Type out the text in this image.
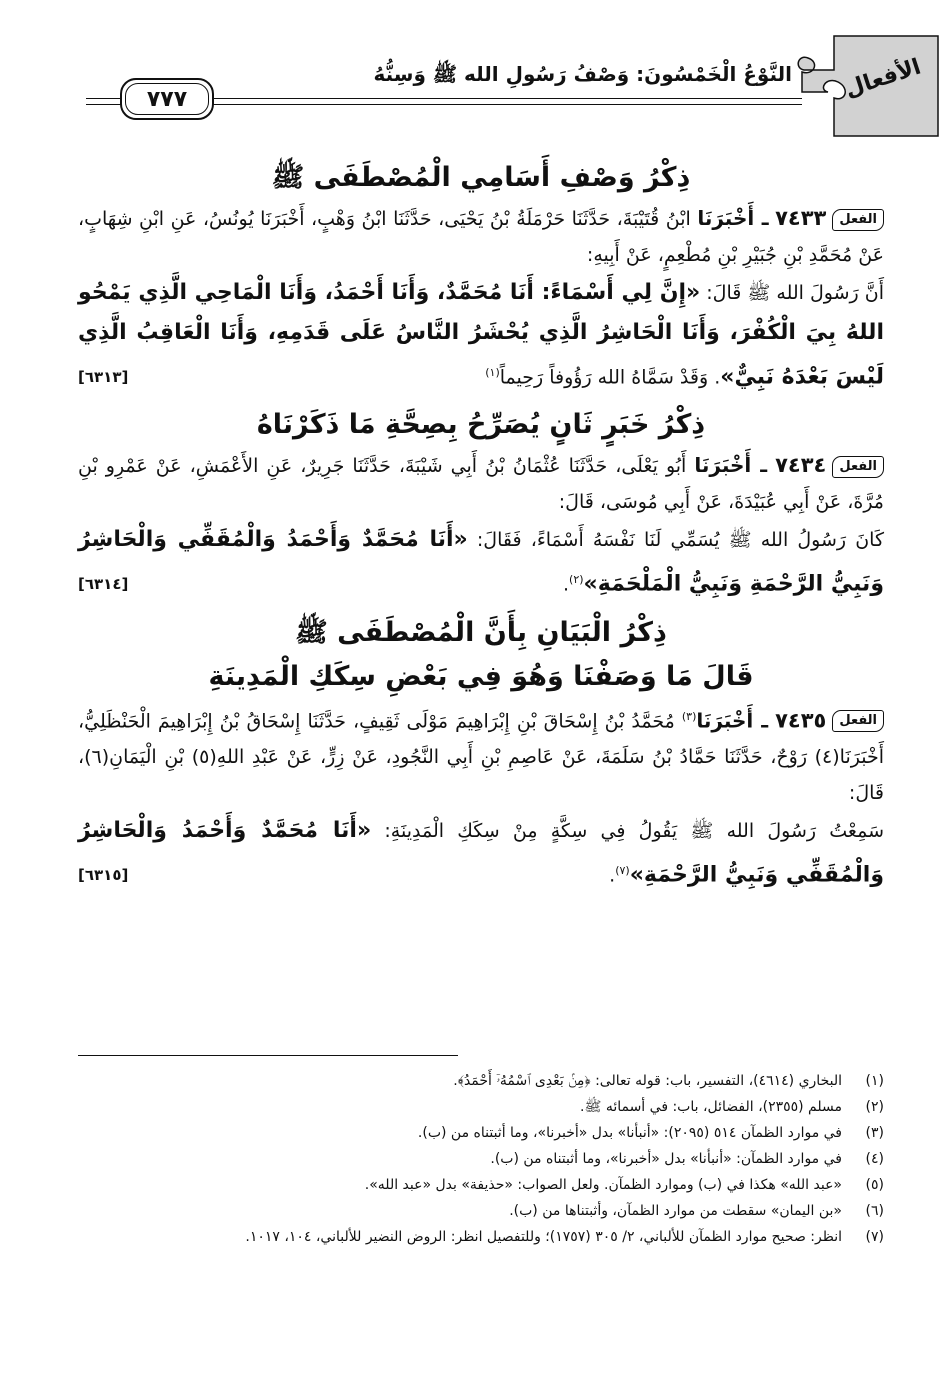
الأفعال
النَّوْعُ الْخَمْسُونَ: وَصْفُ رَسُولِ الله ﷺ وَسِنُّهُ
٧٧٧
ذِكْرُ وَصْفِ أَسَامِي الْمُصْطَفَى ﷺ

الفعل٧٤٣٣ ـ أَخْبَرَنَا ابْنُ قُتَيْبَةَ، حَدَّثَنَا حَرْمَلَةُ بْنُ يَحْيَى، حَدَّثَنَا ابْنُ وَهْبٍ، أَخْبَرَنَا يُونُسُ، عَنِ ابْنِ شِهَابٍ، عَنْ مُحَمَّدِ بْنِ جُبَيْرِ بْنِ مُطْعِمٍ، عَنْ أَبِيهِ:

أَنَّ رَسُولَ الله ﷺ قَالَ: «إِنَّ لِي أَسْمَاءً: أَنَا مُحَمَّدٌ، وَأَنَا أَحْمَدُ، وَأَنَا الْمَاحِي الَّذِي يَمْحُو اللهُ بِيَ الْكُفْرَ، وَأَنَا الْحَاشِرُ الَّذِي يُحْشَرُ النَّاسُ عَلَى قَدَمِهِ، وَأَنَا الْعَاقِبُ الَّذِي لَيْسَ بَعْدَهُ نَبِيٌّ». وَقَدْ سَمَّاهُ الله رَؤُوفاً رَحِيماً$^{(١)}$
[٦٣١٣]

ذِكْرُ خَبَرٍ ثَانٍ يُصَرِّحُ بِصِحَّةِ مَا ذَكَرْنَاهُ

الفعل٧٤٣٤ ـ أَخْبَرَنَا أَبُو يَعْلَى، حَدَّثَنَا عُثْمَانُ بْنُ أَبِي شَيْبَةَ، حَدَّثَنَا جَرِيرٌ، عَنِ الأَعْمَشِ، عَنْ عَمْرِو بْنِ مُرَّةَ، عَنْ أَبِي عُبَيْدَةَ، عَنْ أَبِي مُوسَى، قَالَ:

كَانَ رَسُولُ الله ﷺ يُسَمِّي لَنَا نَفْسَهُ أَسْمَاءً، فَقَالَ: «أَنَا مُحَمَّدٌ وَأَحْمَدُ وَالْمُقَفِّي وَالْحَاشِرُ وَنَبِيُّ الرَّحْمَةِ وَنَبِيُّ الْمَلْحَمَةِ»$^{(٢)}$.
[٦٣١٤]

ذِكْرُ الْبَيَانِ بِأَنَّ الْمُصْطَفَى ﷺ
قَالَ مَا وَصَفْنَا وَهُوَ فِي بَعْضِ سِكَكِ الْمَدِينَةِ

الفعل٧٤٣٥ ـ أَخْبَرَنَا$^{(٣)}$ مُحَمَّدُ بْنُ إِسْحَاقَ بْنِ إِبْرَاهِيمَ مَوْلَى ثَقِيفٍ، حَدَّثَنَا إِسْحَاقُ بْنُ إِبْرَاهِيمَ الْحَنْظَلِيُّ، أَخْبَرَنَا(٤) رَوْحٌ، حَدَّثَنَا حَمَّادُ بْنُ سَلَمَةَ، عَنْ عَاصِمِ بْنِ أَبِي النَّجُودِ، عَنْ زِرٍّ، عَنْ عَبْدِ اللهِ(٥) بْنِ الْيَمَانِ(٦)، قَالَ:

سَمِعْتُ رَسُولَ الله ﷺ يَقُولُ فِي سِكَّةٍ مِنْ سِكَكِ الْمَدِينَةِ: «أَنَا مُحَمَّدٌ وَأَحْمَدُ وَالْحَاشِرُ وَالْمُقَفِّي وَنَبِيُّ الرَّحْمَةِ»$^{(٧)}$.
[٦٣١٥]

(١)
البخاري (٤٦١٤)، التفسير، باب: قوله تعالى: ﴿مِنۢ بَعْدِى ٱسْمُهُۥٓ أَحْمَدُ﴾.
(٢)
مسلم (٢٣٥٥)، الفضائل، باب: في أسمائه ﷺ.
(٣)
في موارد الظمآن ٥١٤ (٢٠٩٥): «أنبأنا» بدل «أخبرنا»، وما أثبتناه من (ب).
(٤)
في موارد الظمآن: «أنبأنا» بدل «أخبرنا»، وما أثبتناه من (ب).
(٥)
«عبد الله» هكذا في (ب) وموارد الظمآن. ولعل الصواب: «حذيفة» بدل «عبد الله».
(٦)
«بن اليمان» سقطت من موارد الظمآن، وأثبتناها من (ب).
(٧)
انظر: صحيح موارد الظمآن للألباني، ٢/ ٣٠٥ (١٧٥٧)؛ وللتفصيل انظر: الروض النضير للألباني، ١٠٤، ١٠١٧.
